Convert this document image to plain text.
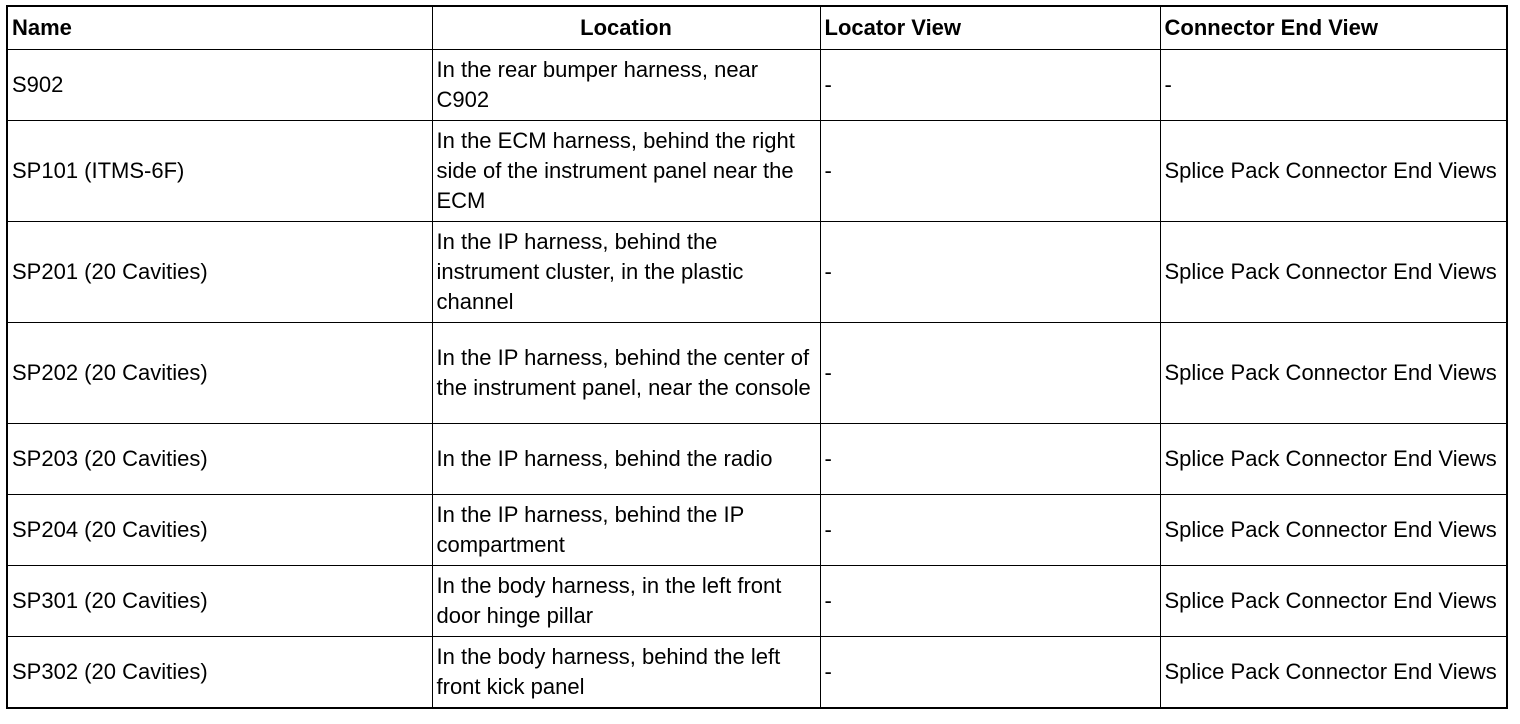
Name	Location	Locator View	Connector End View
S902	In the rear bumper harness, near C902	-	-
SP101 (ITMS-6F)	In the ECM harness, behind the right side of the instrument panel near the ECM	-	Splice Pack Connector End Views
SP201 (20 Cavities)	In the IP harness, behind the instrument cluster, in the plastic channel	-	Splice Pack Connector End Views
SP202 (20 Cavities)	In the IP harness, behind the center of the instrument panel, near the console	-	Splice Pack Connector End Views
SP203 (20 Cavities)	In the IP harness, behind the radio	-	Splice Pack Connector End Views
SP204 (20 Cavities)	In the IP harness, behind the IP compartment	-	Splice Pack Connector End Views
SP301 (20 Cavities)	In the body harness, in the left front door hinge pillar	-	Splice Pack Connector End Views
SP302 (20 Cavities)	In the body harness, behind the left front kick panel	-	Splice Pack Connector End Views
